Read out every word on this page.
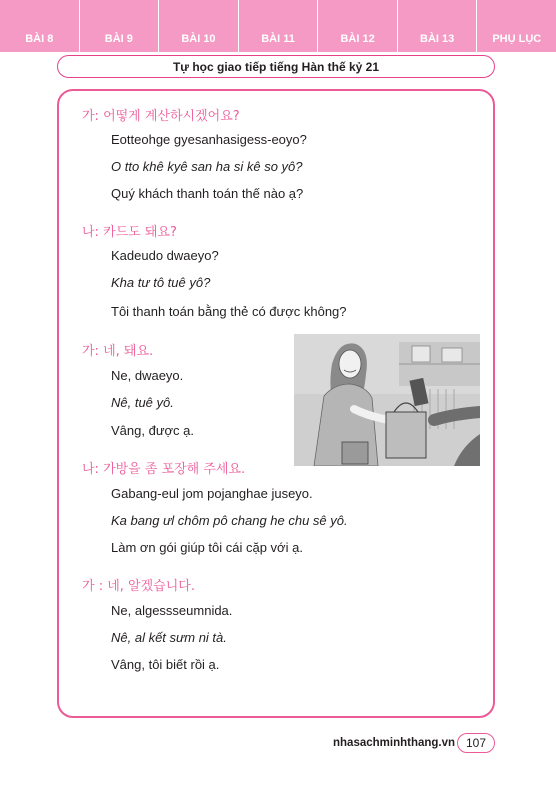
BÀI 8	BÀI 9	BÀI 10	BÀI 11	BÀI 12	BÀI 13	PHỤ LỤC
Tự học giao tiếp tiếng Hàn thế kỷ 21
가: 어떻게 계산하시겠어요?
Eotteohge gyesanhasigess-eoyo?
O tto khê kyê san ha si kê so yô?
Quý khách thanh toán thế nào ạ?
나: 카드도 돼요?
Kadeudo dwaeyo?
Kha tư tô tuê yô?
Tôi thanh toán bằng thẻ có được không?
가: 네, 돼요.
Ne, dwaeyo.
Nê, tuê yô.
Vâng, được ạ.
나: 가방을 좀 포장해 주세요.
Gabang-eul jom pojanghae juseyo.
Ka bang ưl chôm pô chang he chu sê yô.
Làm ơn gói giúp tôi cái cặp với ạ.
가 : 네, 알겠습니다.
Ne, algessseumnida.
Nê, al kết sưm ni tà.
Vâng, tôi biết rồi ạ.
nhasachminhthang.vn 107
